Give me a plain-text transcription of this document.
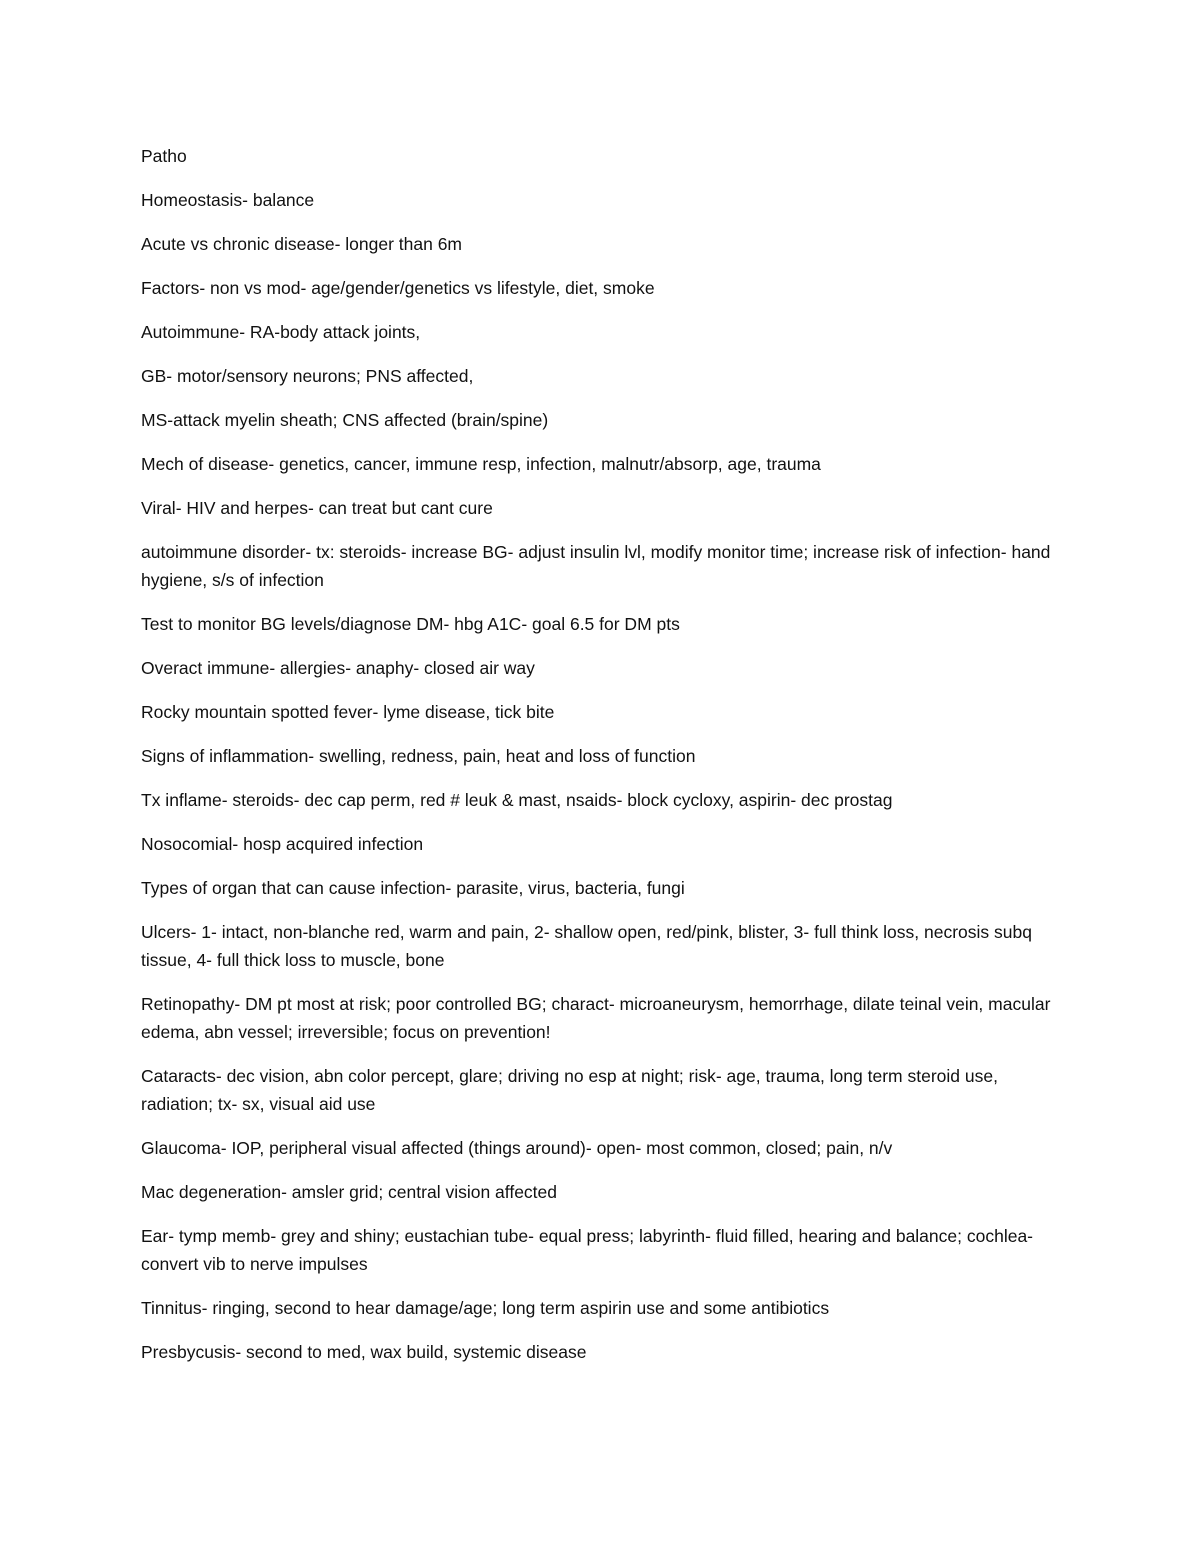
Patho

Homeostasis- balance

Acute vs chronic disease- longer than 6m

Factors- non vs mod- age/gender/genetics vs lifestyle, diet, smoke

Autoimmune- RA-body attack joints,

GB- motor/sensory neurons; PNS affected,

MS-attack myelin sheath; CNS affected (brain/spine)

Mech of disease- genetics, cancer, immune resp, infection, malnutr/absorp, age, trauma

Viral- HIV and herpes- can treat but cant cure

autoimmune disorder- tx: steroids- increase BG- adjust insulin lvl, modify monitor time; increase risk of infection- hand hygiene, s/s of infection

Test to monitor BG levels/diagnose DM- hbg A1C- goal 6.5 for DM pts

Overact immune- allergies- anaphy- closed air way

Rocky mountain spotted fever- lyme disease, tick bite

Signs of inflammation- swelling, redness, pain, heat and loss of function

Tx inflame- steroids- dec cap perm, red # leuk & mast, nsaids- block cycloxy, aspirin- dec prostag

Nosocomial- hosp acquired infection

Types of organ that can cause infection- parasite, virus, bacteria, fungi

Ulcers- 1- intact, non-blanche red, warm and pain, 2- shallow open, red/pink, blister, 3- full think loss, necrosis subq tissue, 4- full thick loss to muscle, bone

Retinopathy- DM pt most at risk; poor controlled BG; charact- microaneurysm, hemorrhage, dilate teinal vein, macular edema, abn vessel; irreversible; focus on prevention!

Cataracts- dec vision, abn color percept, glare; driving no esp at night; risk- age, trauma, long term steroid use, radiation; tx- sx, visual aid use

Glaucoma- IOP, peripheral visual affected (things around)- open- most common, closed; pain, n/v

Mac degeneration- amsler grid; central vision affected

Ear- tymp memb- grey and shiny; eustachian tube- equal press; labyrinth- fluid filled, hearing and balance; cochlea- convert vib to nerve impulses

Tinnitus- ringing, second to hear damage/age; long term aspirin use and some antibiotics

Presbycusis- second to med, wax build, systemic disease
